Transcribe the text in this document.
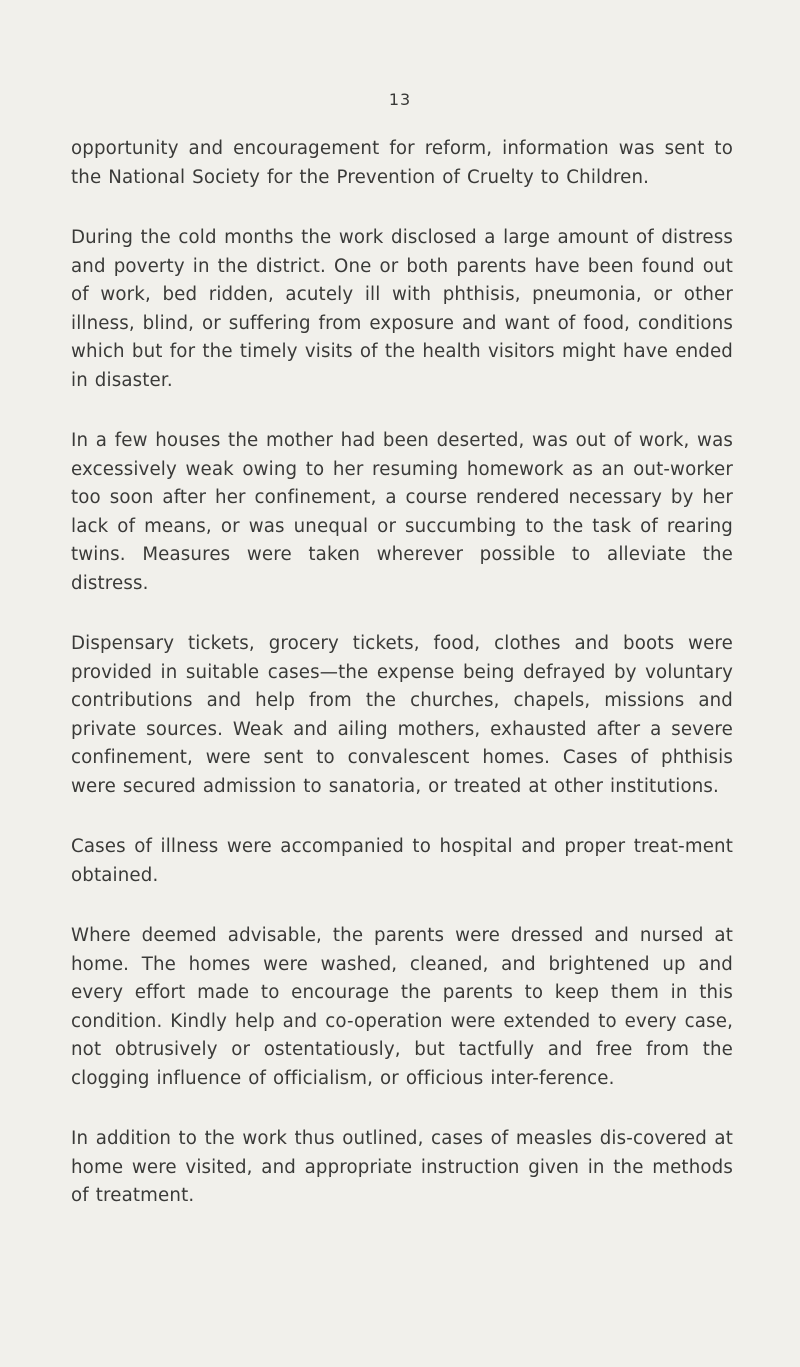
13

opportunity and encouragement for reform, information was sent to the National Society for the Prevention of Cruelty to Children.

During the cold months the work disclosed a large amount of distress and poverty in the district. One or both parents have been found out of work, bed ridden, acutely ill with phthisis, pneumonia, or other illness, blind, or suffering from exposure and want of food, conditions which but for the timely visits of the health visitors might have ended in disaster.

In a few houses the mother had been deserted, was out of work, was excessively weak owing to her resuming homework as an out-worker too soon after her confinement, a course rendered necessary by her lack of means, or was unequal or succumbing to the task of rearing twins. Measures were taken wherever possible to alleviate the distress.

Dispensary tickets, grocery tickets, food, clothes and boots were provided in suitable cases—the expense being defrayed by voluntary contributions and help from the churches, chapels, missions and private sources. Weak and ailing mothers, exhausted after a severe confinement, were sent to convalescent homes. Cases of phthisis were secured admission to sanatoria, or treated at other institutions.

Cases of illness were accompanied to hospital and proper treat-ment obtained.

Where deemed advisable, the parents were dressed and nursed at home. The homes were washed, cleaned, and brightened up and every effort made to encourage the parents to keep them in this condition. Kindly help and co-operation were extended to every case, not obtrusively or ostentatiously, but tactfully and free from the clogging influence of officialism, or officious inter-ference.

In addition to the work thus outlined, cases of measles dis-covered at home were visited, and appropriate instruction given in the methods of treatment.
